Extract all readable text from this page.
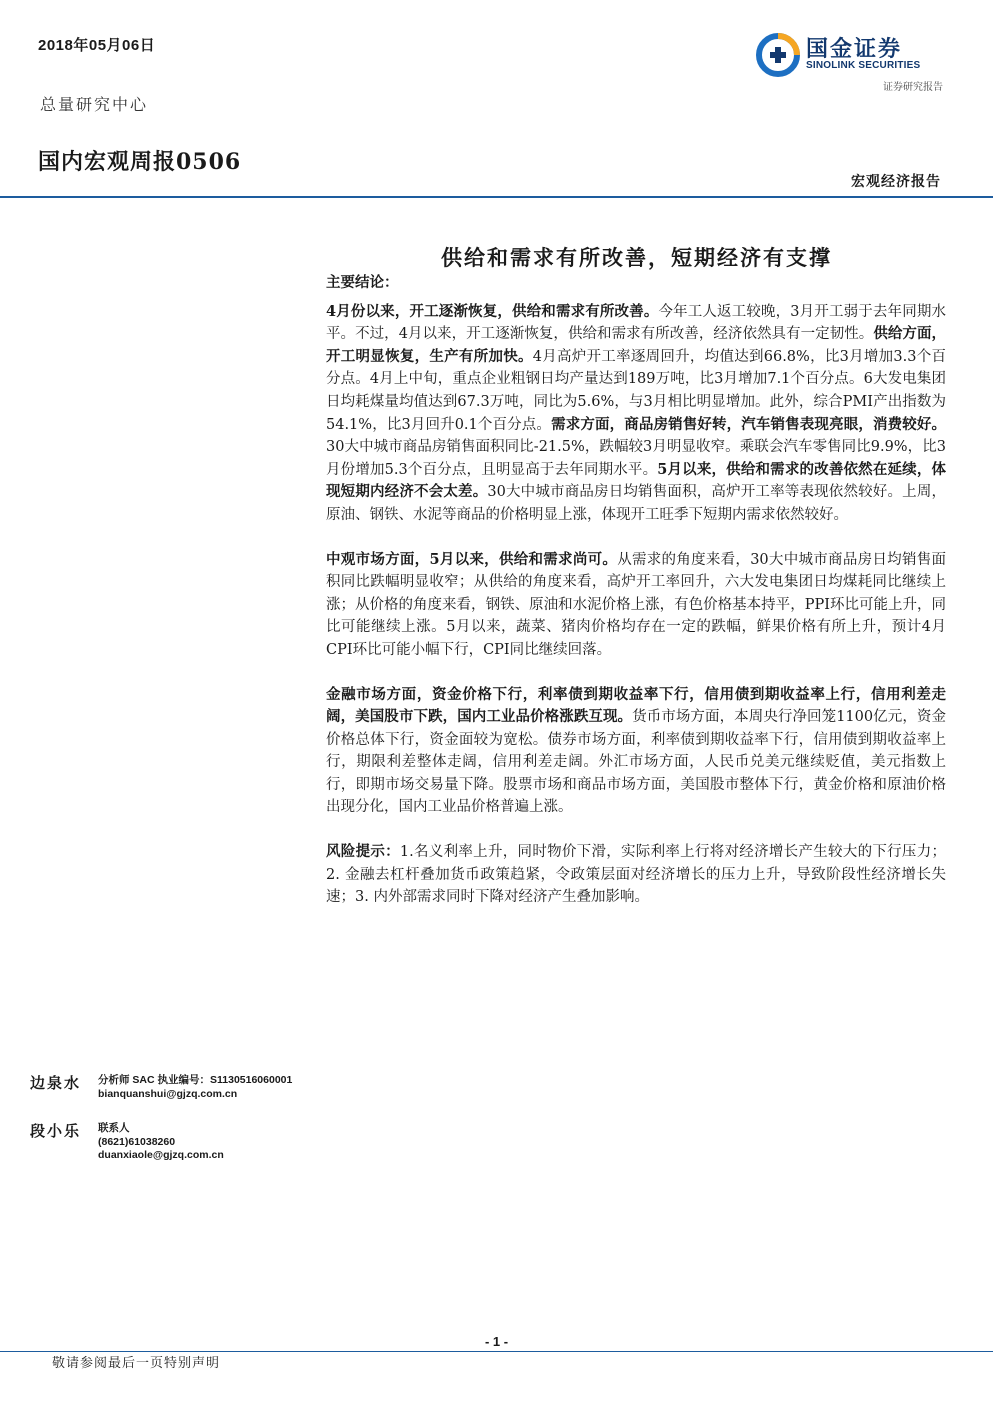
2018年05月06日
总量研究中心
国内宏观周报0506
国金证券
SINOLINK SECURITIES
证券研究报告
宏观经济报告
供给和需求有所改善，短期经济有支撑
主要结论：

4月份以来，开工逐渐恢复，供给和需求有所改善。今年工人返工较晚，3月开工弱于去年同期水平。不过，4月以来，开工逐渐恢复，供给和需求有所改善，经济依然具有一定韧性。供给方面，开工明显恢复，生产有所加快。4月高炉开工率逐周回升，均值达到66.8%，比3月增加3.3个百分点。4月上中旬，重点企业粗钢日均产量达到189万吨，比3月增加7.1个百分点。6大发电集团日均耗煤量均值达到67.3万吨，同比为5.6%，与3月相比明显增加。此外，综合PMI产出指数为54.1%，比3月回升0.1个百分点。需求方面，商品房销售好转，汽车销售表现亮眼，消费较好。30大中城市商品房销售面积同比-21.5%，跌幅较3月明显收窄。乘联会汽车零售同比9.9%，比3月份增加5.3个百分点，且明显高于去年同期水平。5月以来，供给和需求的改善依然在延续，体现短期内经济不会太差。30大中城市商品房日均销售面积，高炉开工率等表现依然较好。上周，原油、钢铁、水泥等商品的价格明显上涨，体现开工旺季下短期内需求依然较好。

中观市场方面，5月以来，供给和需求尚可。从需求的角度来看，30大中城市商品房日均销售面积同比跌幅明显收窄；从供给的角度来看，高炉开工率回升，六大发电集团日均煤耗同比继续上涨；从价格的角度来看，钢铁、原油和水泥价格上涨，有色价格基本持平，PPI环比可能上升，同比可能继续上涨。5月以来，蔬菜、猪肉价格均存在一定的跌幅，鲜果价格有所上升，预计4月CPI环比可能小幅下行，CPI同比继续回落。

金融市场方面，资金价格下行，利率债到期收益率下行，信用债到期收益率上行，信用利差走阔，美国股市下跌，国内工业品价格涨跌互现。货币市场方面，本周央行净回笼1100亿元，资金价格总体下行，资金面较为宽松。债券市场方面，利率债到期收益率下行，信用债到期收益率上行，期限利差整体走阔，信用利差走阔。外汇市场方面，人民币兑美元继续贬值，美元指数上行，即期市场交易量下降。股票市场和商品市场方面，美国股市整体下行，黄金价格和原油价格出现分化，国内工业品价格普遍上涨。

风险提示：1.名义利率上升，同时物价下滑，实际利率上行将对经济增长产生较大的下行压力；2. 金融去杠杆叠加货币政策趋紧，令政策层面对经济增长的压力上升，导致阶段性经济增长失速；3. 内外部需求同时下降对经济产生叠加影响。

边泉水 分析师 SAC 执业编号：S1130516060001
bianquanshui@gjzq.com.cn
段小乐 联系人
(8621)61038260
duanxiaole@gjzq.com.cn
- 1 -
敬请参阅最后一页特别声明
